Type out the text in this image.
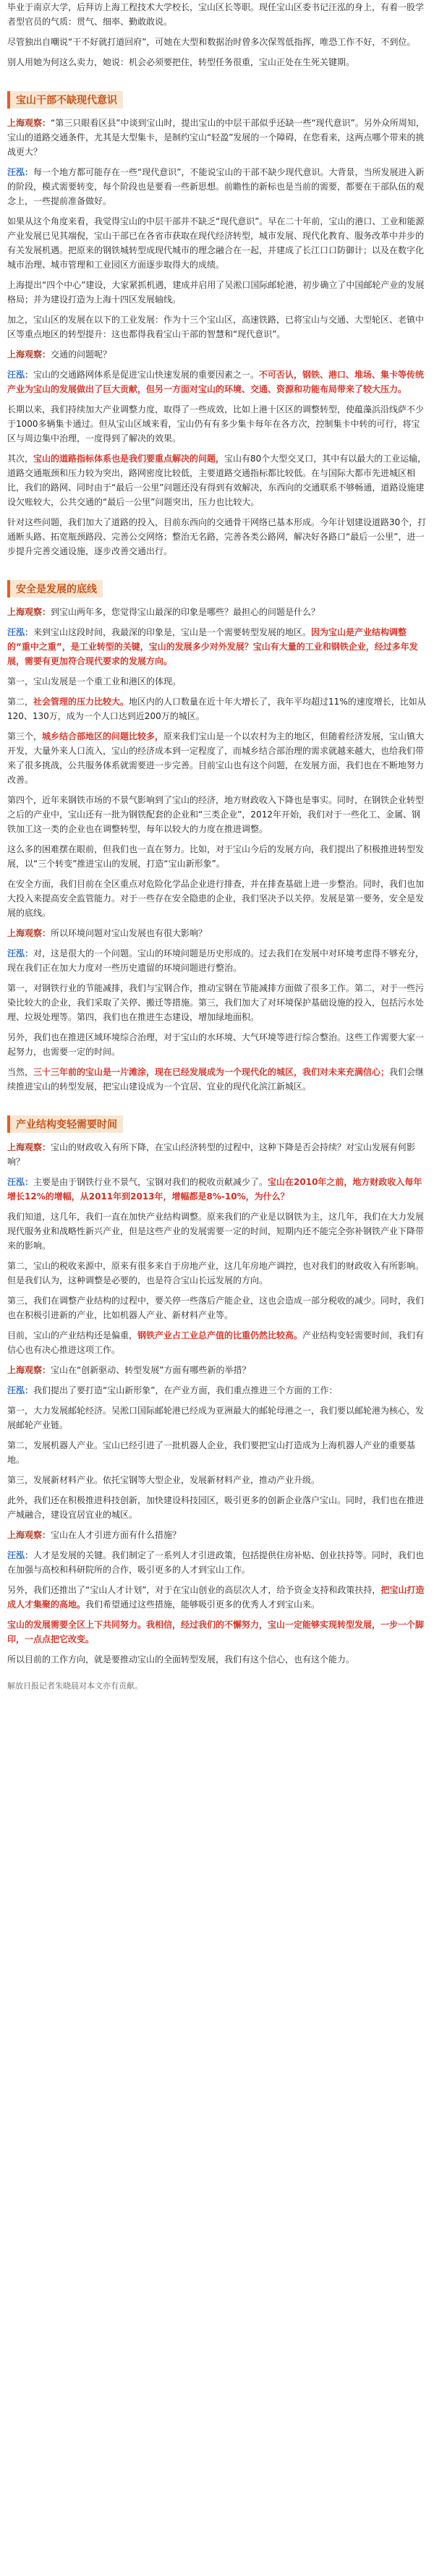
毕业于南京大学，后拜访上海工程技术大学校长，宝山区长等职。现任宝山区委书记汪泓的身上，有着一股学者型官员的气质：贯气、细率、勤敢敢说。

尽管独出自嘲说“干不好就打道回府”，可她在大型和数据治时曾多次保驾低指挥，唯恐工作不好，不到位。

别人用她为何这么卖力，她说：机会必须要把住，转型任务很重，宝山正处在生死关键期。

宝山干部不缺现代意识

上海观察：“第三只眼看区县”中谈到宝山时，提出宝山的中层干部似乎还缺一些“现代意识”。另外众所周知，宝山的道路交通条件，尤其是大型集卡，是制约宝山“轻盈”发展的一个障碍，在您看来，这两点哪个带来的挑战更大？

汪泓：每一个地方都可能存在一些“现代意识”，不能说宝山的干部不缺少现代意识。大背景，当所发展进入新的阶段，模式需要转变，每个阶段也是要看一些新思想。前瞻性的新标也是当前的需要，都要在干部队伍的观念上，一些提前准备做好。

如果从这个角度来看，我觉得宝山的中层干部并不缺乏“现代意识”。早在二十年前，宝山的港口、工业和能源产业发展已见其端倪，宝山干部已在各省市获取在现代经济转型，城市发展、现代化教育、服务改革中并步的有关发展机遇。把原来的钢铁城转型成现代城市的理念融合在一起，并建成了长江口口防御计；以及在数字化城市治理、城市管理和工业园区方面逐步取得大的成绩。

上海提出“四个中心”建设，大家紧抓机遇，建成并启用了吴淞口国际邮轮港，初步确立了中国邮轮产业的发展格局；并为建设打造为上海十四区发展轴线。

加之，宝山区的发展在以下的工业发展：作为十三个宝山区，高速铁路，已将宝山与交通、大型轮区、老镇中区等重点地区的转型提升：这也都得我看宝山干部的智慧和“现代意识”。

上海观察：交通的问题呢？

汪泓：宝山的交通路网体系是促进宝山快速发展的重要因素之一。不可否认，钢铁、港口、堆场、集卡等传统产业为宝山的发展做出了巨大贡献，但另一方面对宝山的环境、交通、资源和功能布局带来了较大压力。

长期以来，我们持续加大产业调整力度，取得了一些成效，比如上港十区区的调整转型，使蕴藻浜沿线萨不少于1000多辆集卡通过。但从宝山区域来看，宝山仍有有多少集卡每年在各方次，控制集卡中转的可行，将宝区与周边集中治理，一度得到了解决的效果。

其次，宝山的道路指标体系也是我们要重点解决的问题，宝山有80个大型交叉口，其中有以最大的工业运输，道路交通瓶颈和压力较为突出，路网密度比较低，主要道路交通指标都比较低。在与国际大都市先进城区相比，我们的路网、同时由于“最后一公里”问题还没有得到有效解决，东西向的交通联系不够畅通，道路设施建设欠账较大，公共交通的“最后一公里”问题突出，压力也比较大。

针对这些问题，我们加大了道路的投入，目前东西向的交通骨干网络已基本形成。今年计划建设道路30个，打通断头路、拓宽瓶颈路段、完善公交网络；整治无名路，完善各类公路网，解决好各路口“最后一公里”，进一步提升完善交通设施，逐步改善交通出行。

安全是发展的底线

上海观察：到宝山两年多，您觉得宝山最深的印象是哪些？最担心的问题是什么？

汪泓：来到宝山这段时间，我最深的印象是，宝山是一个需要转型发展的地区。因为宝山是产业结构调整的“重中之重”，是工业转型的关键，宝山的发展多少对外发展？宝山有大量的工业和钢铁企业，经过多年发展，需要有更加符合现代要求的发展方向。

第一，宝山发展是一个重工业和港区的体现。

第二，社会管理的压力比较大。地区内的人口数量在近十年大增长了，我年平均超过11%的速度增长，比如从120、130万，成为一个人口达到近200万的城区。

第三个，城乡结合部地区的问题比较多，原来我们宝山是一个以农村为主的地区，但随着经济发展，宝山镇大开发，大量外来人口流入，宝山的经济成本到一定程度了，而城乡结合部治理的需求就越来越大，也给我们带来了很多挑战，公共服务体系就需要进一步完善。目前宝山也有这个问题，在发展方面，我们也在不断地努力改善。

第四个，近年来钢铁市场的不景气影响到了宝山的经济，地方财政收入下降也是事实。同时，在钢铁企业转型之后的产业中，宝山还有一批为钢铁配套的企业和“三类企业”，2012年开始，我们对于一些化工、金属、钢铁加工这一类的企业也在调整转型，每年以较大的力度在推进调整。

这么多的困难摆在眼前，但我们也一直在努力。比如，对于宝山今后的发展方向，我们提出了积极推进转型发展，以“三个转变”推进宝山的发展，打造“宝山新形象”。

在安全方面，我们目前在全区重点对危险化学品企业进行排查，并在排查基础上进一步整治。同时，我们也加大投入来提高安全监管能力。对于一些存在安全隐患的企业，我们坚决予以关停。发展是第一要务，安全是发展的底线。

上海观察：所以环境问题对宝山发展也有很大影响？

汪泓：对，这是很大的一个问题。宝山的环境问题是历史形成的。过去我们在发展中对环境考虑得不够充分，现在我们正在加大力度对一些历史遗留的环境问题进行整治。

第一，对钢铁行业的节能减排，我们与宝钢合作，推动宝钢在节能减排方面做了很多工作。第二，对于一些污染比较大的企业，我们采取了关停、搬迁等措施。第三，我们加大了对环境保护基础设施的投入，包括污水处理、垃圾处理等。第四，我们也在推进生态建设，增加绿地面积。

另外，我们也在推进区域环境综合治理，对于宝山的水环境、大气环境等进行综合整治。这些工作需要大家一起努力，也需要一定的时间。

当然，三十三年前的宝山是一片滩涂，现在已经发展成为一个现代化的城区，我们对未来充满信心；我们会继续推进宝山的转型发展，把宝山建设成为一个宜居、宜业的现代化滨江新城区。

产业结构变轻需要时间

上海观察：宝山的财政收入有所下降，在宝山经济转型的过程中，这种下降是否会持续？对宝山发展有何影响？

汪泓：主要是由于钢铁行业不景气，宝钢对我们的税收贡献减少了。宝山在2010年之前，地方财政收入每年增长12%的增幅，从2011年到2013年，增幅都是8%-10%，为什么？

我们知道，这几年，我们一直在加快产业结构调整。原来我们的产业是以钢铁为主，这几年，我们在大力发展现代服务业和战略性新兴产业，但是这些产业的发展需要一定的时间，短期内还不能完全弥补钢铁产业下降带来的影响。

第二，宝山的税收来源中，原来有很多来自于房地产业，这几年房地产调控，也对我们的财政收入有所影响。但是我们认为，这种调整是必要的，也是符合宝山长远发展的方向。

第三，我们在调整产业结构的过程中，要关停一些落后产能企业，这也会造成一部分税收的减少。同时，我们也在积极引进新的产业，比如机器人产业、新材料产业等。

目前，宝山的产业结构还是偏重，钢铁产业占工业总产值的比重仍然比较高。产业结构变轻需要时间，我们有信心也有决心推进这项工作。

上海观察：宝山在“创新驱动、转型发展”方面有哪些新的举措？

汪泓：我们提出了要打造“宝山新形象”，在产业方面，我们重点推进三个方面的工作：

第一，大力发展邮轮经济。吴淞口国际邮轮港已经成为亚洲最大的邮轮母港之一，我们要以邮轮港为核心，发展邮轮产业链。

第二，发展机器人产业。宝山已经引进了一批机器人企业，我们要把宝山打造成为上海机器人产业的重要基地。

第三，发展新材料产业。依托宝钢等大型企业，发展新材料产业，推动产业升级。

此外，我们还在积极推进科技创新，加快建设科技园区，吸引更多的创新企业落户宝山。同时，我们也在推进产城融合，建设宜居宜业的城区。

上海观察：宝山在人才引进方面有什么措施？

汪泓：人才是发展的关键。我们制定了一系列人才引进政策，包括提供住房补贴、创业扶持等。同时，我们也在加强与高校和科研院所的合作，吸引更多的人才到宝山工作。

另外，我们还推出了“宝山人才计划”，对于在宝山创业的高层次人才，给予资金支持和政策扶持，把宝山打造成人才集聚的高地。我们希望通过这些措施，能够吸引更多的优秀人才到宝山来。

宝山的发展需要全区上下共同努力。我相信，经过我们的不懈努力，宝山一定能够实现转型发展，一步一个脚印，一点点把它改变。

所以目前的工作方向，就是要推动宝山的全面转型发展，我们有这个信心，也有这个能力。

解放日报记者朱晓晨对本文亦有贡献。
